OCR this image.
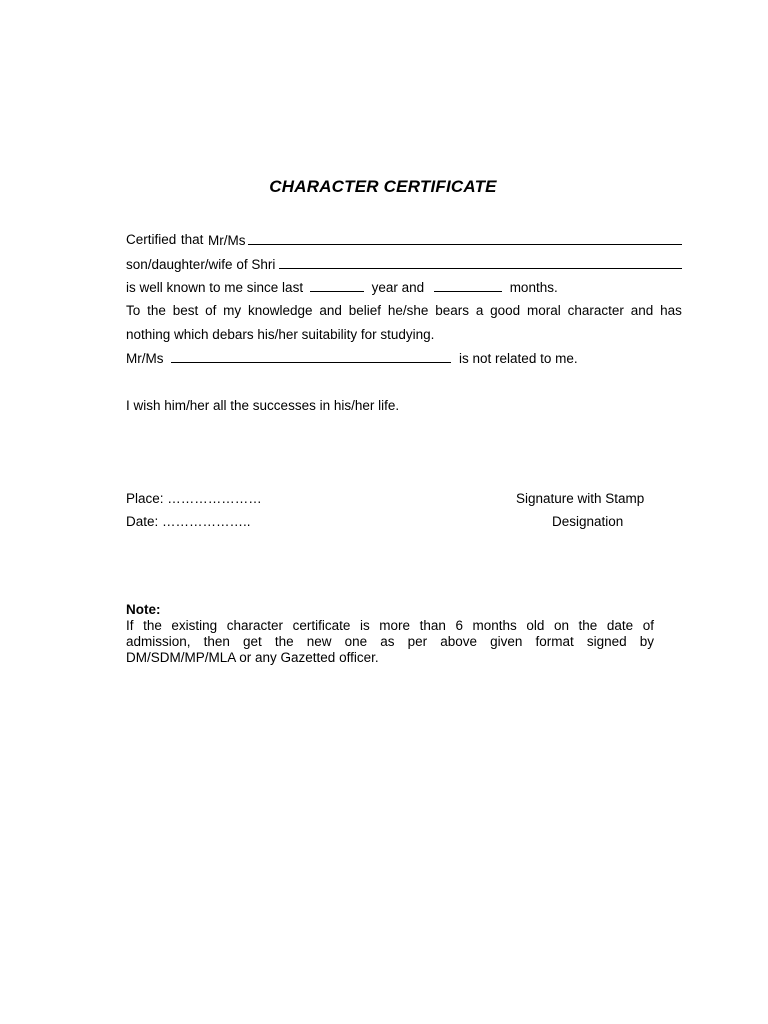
CHARACTER CERTIFICATE
Certified that Mr/Ms
son/daughter/wife of Shri
is well known to me since last	year and	months.
To the best of my knowledge and belief he/she bears a good moral character and has
nothing which debars his/her suitability for studying.
Mr/Ms	is not related to me.
I wish him/her all the successes in his/her life.
Place: …………………
Date: ………………..
Signature with Stamp
Designation
Note:
If the existing character certificate is more than 6 months old on the date of
admission, then get the new one as per above given format signed by
DM/SDM/MP/MLA or any Gazetted officer.
